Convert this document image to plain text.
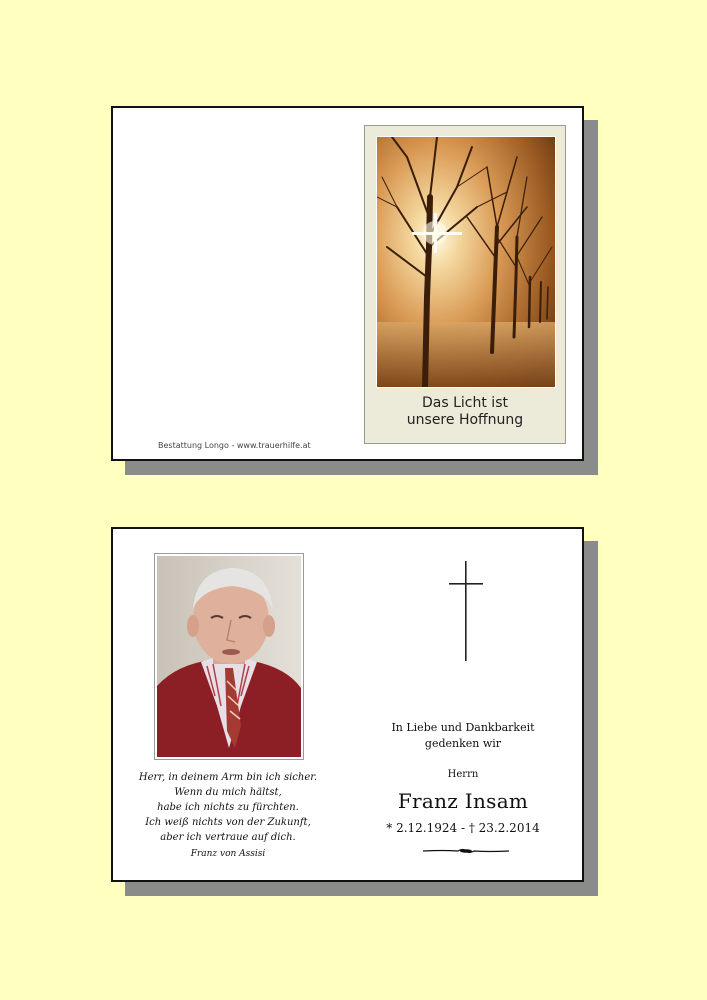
Bestattung Longo - www.trauerhilfe.at
Das Licht ist
unsere Hoffnung
Herr, in deinem Arm bin ich sicher.
Wenn du mich hältst,
habe ich nichts zu fürchten.
Ich weiß nichts von der Zukunft,
aber ich vertraue auf dich.
Franz von Assisi
In Liebe und Dankbarkeit
gedenken wir
Herrn
Franz Insam
* 2.12.1924 - † 23.2.2014
